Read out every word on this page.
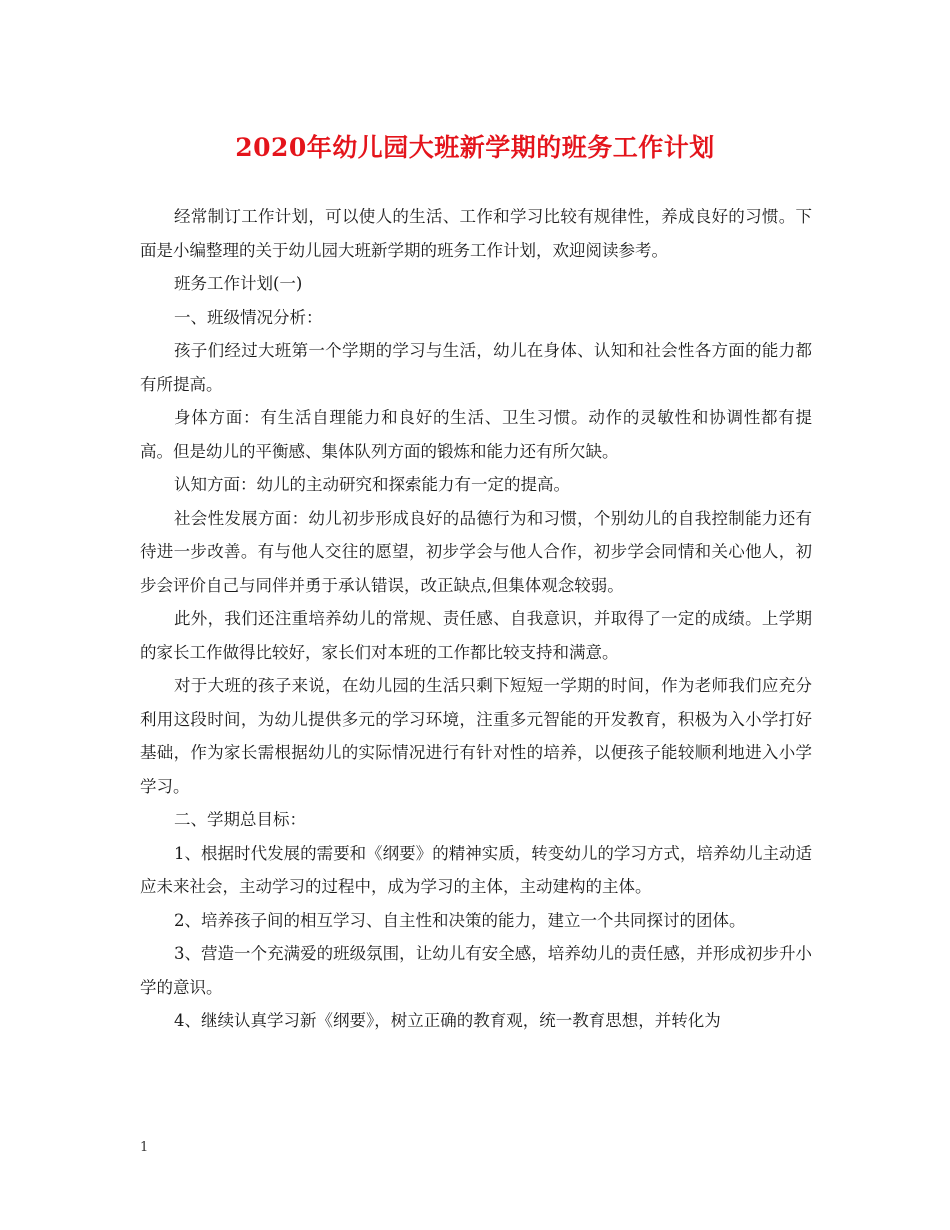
2020年幼儿园大班新学期的班务工作计划

经常制订工作计划，可以使人的生活、工作和学习比较有规律性，养成良好的习惯。下面是小编整理的关于幼儿园大班新学期的班务工作计划，欢迎阅读参考。

班务工作计划(一)

一、班级情况分析：

孩子们经过大班第一个学期的学习与生活，幼儿在身体、认知和社会性各方面的能力都有所提高。

身体方面：有生活自理能力和良好的生活、卫生习惯。动作的灵敏性和协调性都有提高。但是幼儿的平衡感、集体队列方面的锻炼和能力还有所欠缺。

认知方面：幼儿的主动研究和探索能力有一定的提高。

社会性发展方面：幼儿初步形成良好的品德行为和习惯，个别幼儿的自我控制能力还有待进一步改善。有与他人交往的愿望，初步学会与他人合作，初步学会同情和关心他人，初步会评价自己与同伴并勇于承认错误，改正缺点,但集体观念较弱。

此外，我们还注重培养幼儿的常规、责任感、自我意识，并取得了一定的成绩。上学期的家长工作做得比较好，家长们对本班的工作都比较支持和满意。

对于大班的孩子来说，在幼儿园的生活只剩下短短一学期的时间，作为老师我们应充分利用这段时间，为幼儿提供多元的学习环境，注重多元智能的开发教育，积极为入小学打好基础，作为家长需根据幼儿的实际情况进行有针对性的培养，以便孩子能较顺利地进入小学学习。

二、学期总目标：

1、根据时代发展的需要和《纲要》的精神实质，转变幼儿的学习方式，培养幼儿主动适应未来社会，主动学习的过程中，成为学习的主体，主动建构的主体。

2、培养孩子间的相互学习、自主性和决策的能力，建立一个共同探讨的团体。

3、营造一个充满爱的班级氛围，让幼儿有安全感，培养幼儿的责任感，并形成初步升小学的意识。

4、继续认真学习新《纲要》，树立正确的教育观，统一教育思想，并转化为

1
